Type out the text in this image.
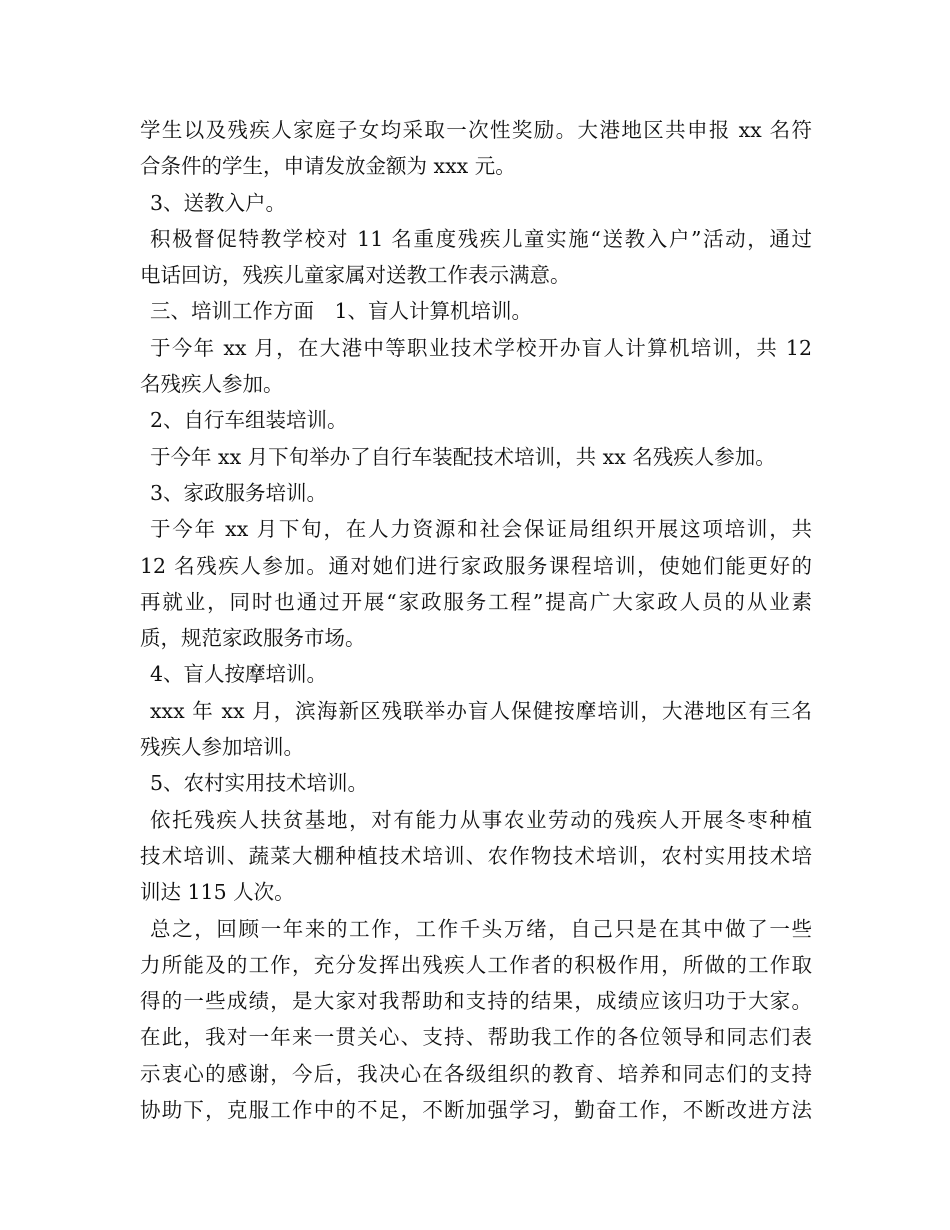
学生以及残疾人家庭子女均采取一次性奖励。大港地区共申报 xx 名符
合条件的学生，申请发放金额为 xxx 元。
3、送教入户。
积极督促特教学校对 11 名重度残疾儿童实施“送教入户”活动，通过
电话回访，残疾儿童家属对送教工作表示满意。
三、培训工作方面　1、盲人计算机培训。
于今年 xx 月，在大港中等职业技术学校开办盲人计算机培训，共 12
名残疾人参加。
2、自行车组装培训。
于今年 xx 月下旬举办了自行车装配技术培训，共 xx 名残疾人参加。
3、家政服务培训。
于今年 xx 月下旬，在人力资源和社会保证局组织开展这项培训，共
12 名残疾人参加。通对她们进行家政服务课程培训，使她们能更好的
再就业，同时也通过开展“家政服务工程”提高广大家政人员的从业素
质，规范家政服务市场。
4、盲人按摩培训。
xxx 年 xx 月，滨海新区残联举办盲人保健按摩培训，大港地区有三名
残疾人参加培训。
5、农村实用技术培训。
依托残疾人扶贫基地，对有能力从事农业劳动的残疾人开展冬枣种植
技术培训、蔬菜大棚种植技术培训、农作物技术培训，农村实用技术培
训达 115 人次。
总之，回顾一年来的工作，工作千头万绪，自己只是在其中做了一些
力所能及的工作，充分发挥出残疾人工作者的积极作用，所做的工作取
得的一些成绩，是大家对我帮助和支持的结果，成绩应该归功于大家。
在此，我对一年来一贯关心、支持、帮助我工作的各位领导和同志们表
示衷心的感谢，今后，我决心在各级组织的教育、培养和同志们的支持
协助下，克服工作中的不足，不断加强学习，勤奋工作，不断改进方法
